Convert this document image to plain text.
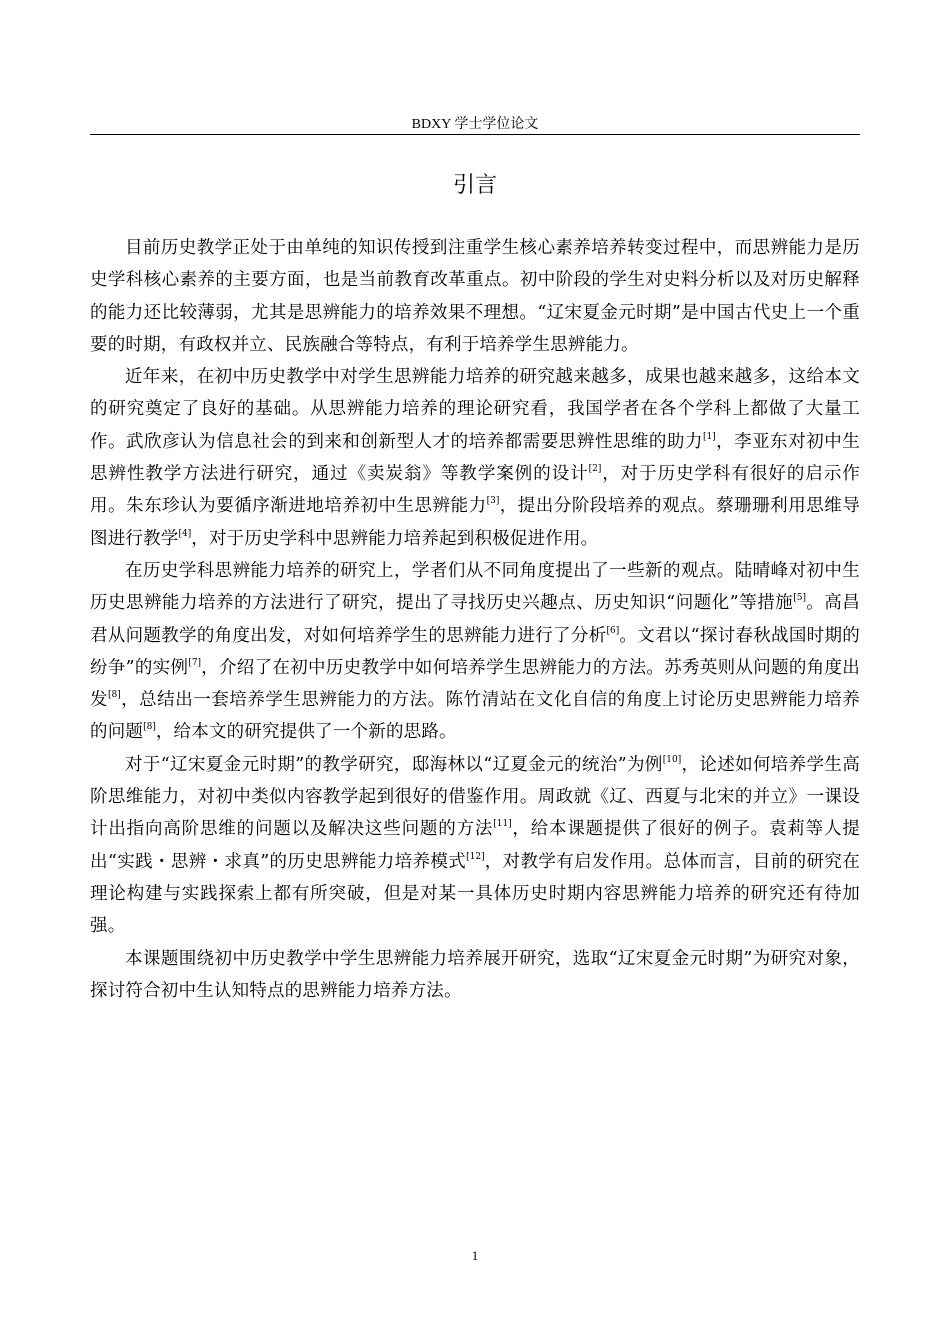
BDXY 学士学位论文
引言

目前历史教学正处于由单纯的知识传授到注重学生核心素养培养转变过程中，而思辨能力是历史学科核心素养的主要方面，也是当前教育改革重点。初中阶段的学生对史料分析以及对历史解释的能力还比较薄弱，尤其是思辨能力的培养效果不理想。“辽宋夏金元时期”是中国古代史上一个重要的时期，有政权并立、民族融合等特点，有利于培养学生思辨能力。

近年来，在初中历史教学中对学生思辨能力培养的研究越来越多，成果也越来越多，这给本文的研究奠定了良好的基础。从思辨能力培养的理论研究看，我国学者在各个学科上都做了大量工作。武欣彦认为信息社会的到来和创新型人才的培养都需要思辨性思维的助力[1]，李亚东对初中生思辨性教学方法进行研究，通过《卖炭翁》等教学案例的设计[2]，对于历史学科有很好的启示作用。朱东珍认为要循序渐进地培养初中生思辨能力[3]，提出分阶段培养的观点。蔡珊珊利用思维导图进行教学[4]，对于历史学科中思辨能力培养起到积极促进作用。

在历史学科思辨能力培养的研究上，学者们从不同角度提出了一些新的观点。陆晴峰对初中生历史思辨能力培养的方法进行了研究，提出了寻找历史兴趣点、历史知识“问题化”等措施[5]。高昌君从问题教学的角度出发，对如何培养学生的思辨能力进行了分析[6]。文君以“探讨春秋战国时期的纷争”的实例[7]，介绍了在初中历史教学中如何培养学生思辨能力的方法。苏秀英则从问题的角度出发[8]，总结出一套培养学生思辨能力的方法。陈竹清站在文化自信的角度上讨论历史思辨能力培养的问题[8]，给本文的研究提供了一个新的思路。

对于“辽宋夏金元时期”的教学研究，邸海林以“辽夏金元的统治”为例[10]，论述如何培养学生高阶思维能力，对初中类似内容教学起到很好的借鉴作用。周政就《辽、西夏与北宋的并立》一课设计出指向高阶思维的问题以及解决这些问题的方法[11]，给本课题提供了很好的例子。袁莉等人提出“实践・思辨・求真”的历史思辨能力培养模式[12]，对教学有启发作用。总体而言，目前的研究在理论构建与实践探索上都有所突破，但是对某一具体历史时期内容思辨能力培养的研究还有待加强。

本课题围绕初中历史教学中学生思辨能力培养展开研究，选取“辽宋夏金元时期”为研究对象，探讨符合初中生认知特点的思辨能力培养方法。

1
